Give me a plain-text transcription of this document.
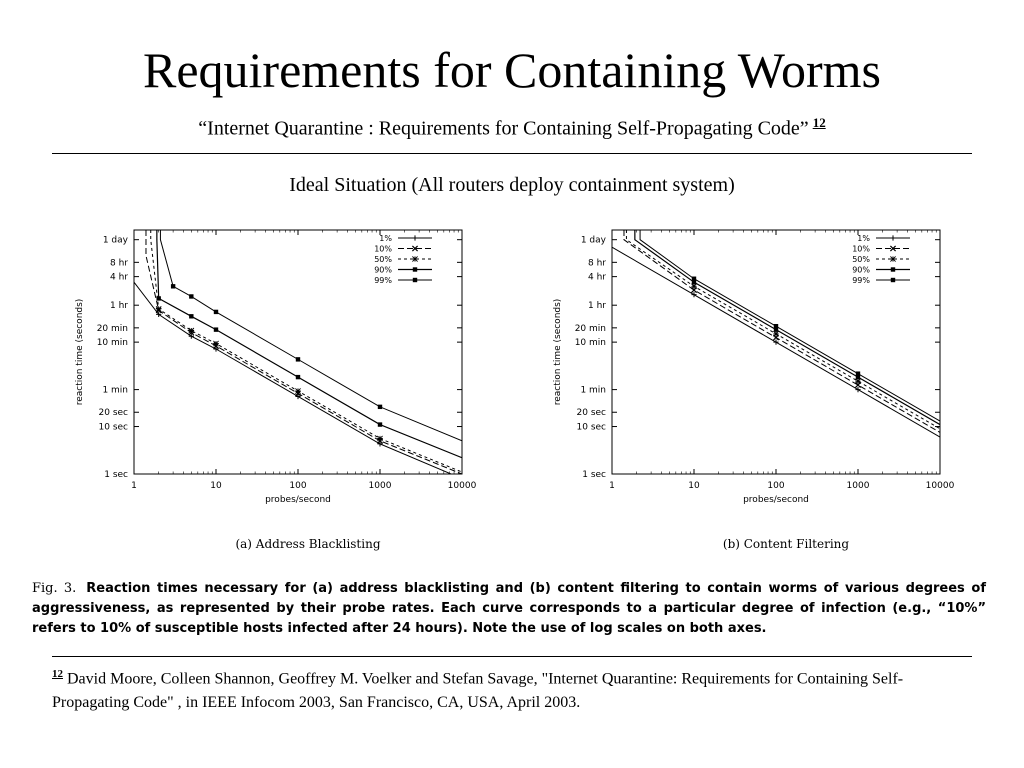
Requirements for Containing Worms
“Internet Quarantine : Requirements for Containing Self-Propagating Code” $^{12}$
Ideal Situation (All routers deploy containment system)
1	10	100	1000	10000
1 day
8 hr
4 hr
1 hr
20 min
10 min
1 min
20 sec
10 sec
1 sec
probes/second
reaction time (seconds)
1%
10%
50%
90%
99%
(a) Address Blacklisting
1	10	100	1000	10000
1 day
8 hr
4 hr
1 hr
20 min
10 min
1 min
20 sec
10 sec
1 sec
probes/second
reaction time (seconds)
1%
10%
50%
90%
99%
(b) Content Filtering
Fig. 3. Reaction times necessary for (a) address blacklisting and (b) content filtering to contain worms of various degrees of aggressiveness, as represented by their probe rates. Each curve corresponds to a particular degree of infection (e.g., “10%” refers to 10% of susceptible hosts infected after 24 hours). Note the use of log scales on both axes.
$^{12}$ David Moore, Colleen Shannon, Geoffrey M. Voelker and Stefan Savage, "Internet Quarantine: Requirements for Containing Self-Propagating Code" , in IEEE Infocom 2003, San Francisco, CA, USA, April 2003.
